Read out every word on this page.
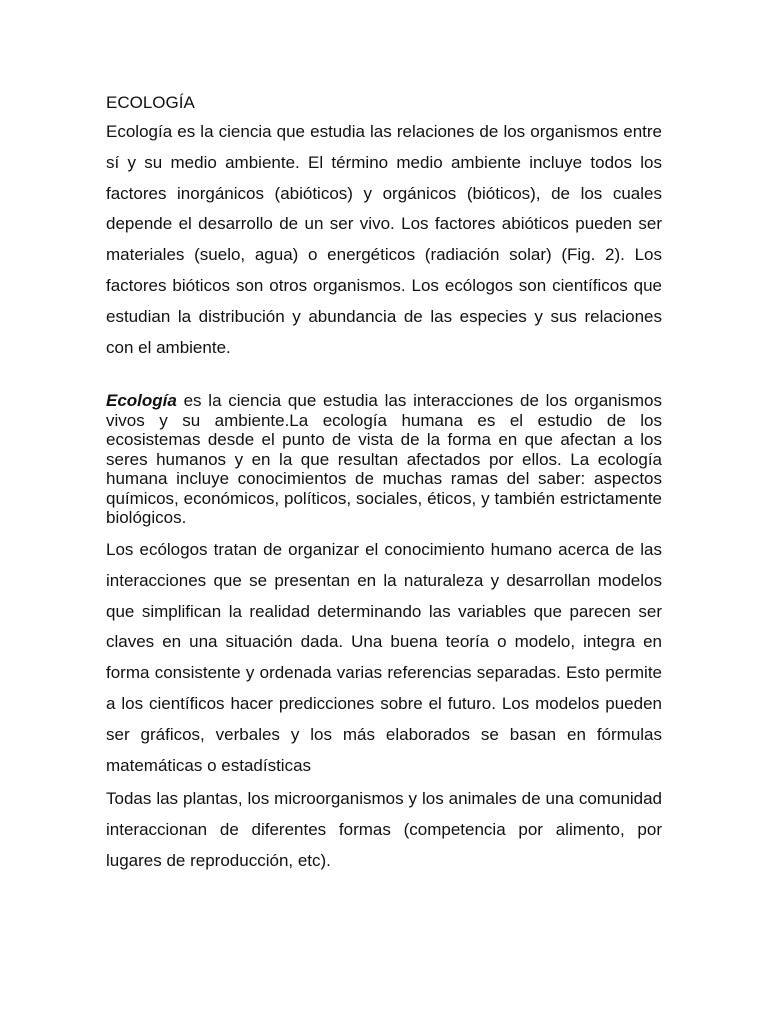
ECOLOGÍA

Ecología es la ciencia que estudia las relaciones de los organismos entre sí y su medio ambiente. El término medio ambiente incluye todos los factores inorgánicos (abióticos) y orgánicos (bióticos), de los cuales depende el desarrollo de un ser vivo. Los factores abióticos pueden ser materiales (suelo, agua) o energéticos (radiación solar) (Fig. 2). Los factores bióticos son otros organismos. Los ecólogos son científicos que estudian la distribución y abundancia de las especies y sus relaciones con el ambiente.

Ecología es la ciencia que estudia las interacciones de los organismos vivos y su ambiente.La ecología humana es el estudio de los ecosistemas desde el punto de vista de la forma en que afectan a los seres humanos y en la que resultan afectados por ellos. La ecología humana incluye conocimientos de muchas ramas del saber: aspectos químicos, económicos, políticos, sociales, éticos, y también estrictamente biológicos.

Los ecólogos tratan de organizar el conocimiento humano acerca de las interacciones que se presentan en la naturaleza y desarrollan modelos que simplifican la realidad determinando las variables que parecen ser claves en una situación dada. Una buena teoría o modelo, integra en forma consistente y ordenada varias referencias separadas. Esto permite a los científicos hacer predicciones sobre el futuro. Los modelos pueden ser gráficos, verbales y los más elaborados se basan en fórmulas matemáticas o estadísticas

Todas las plantas, los microorganismos y los animales de una comunidad interaccionan de diferentes formas (competencia por alimento, por lugares de reproducción, etc).
